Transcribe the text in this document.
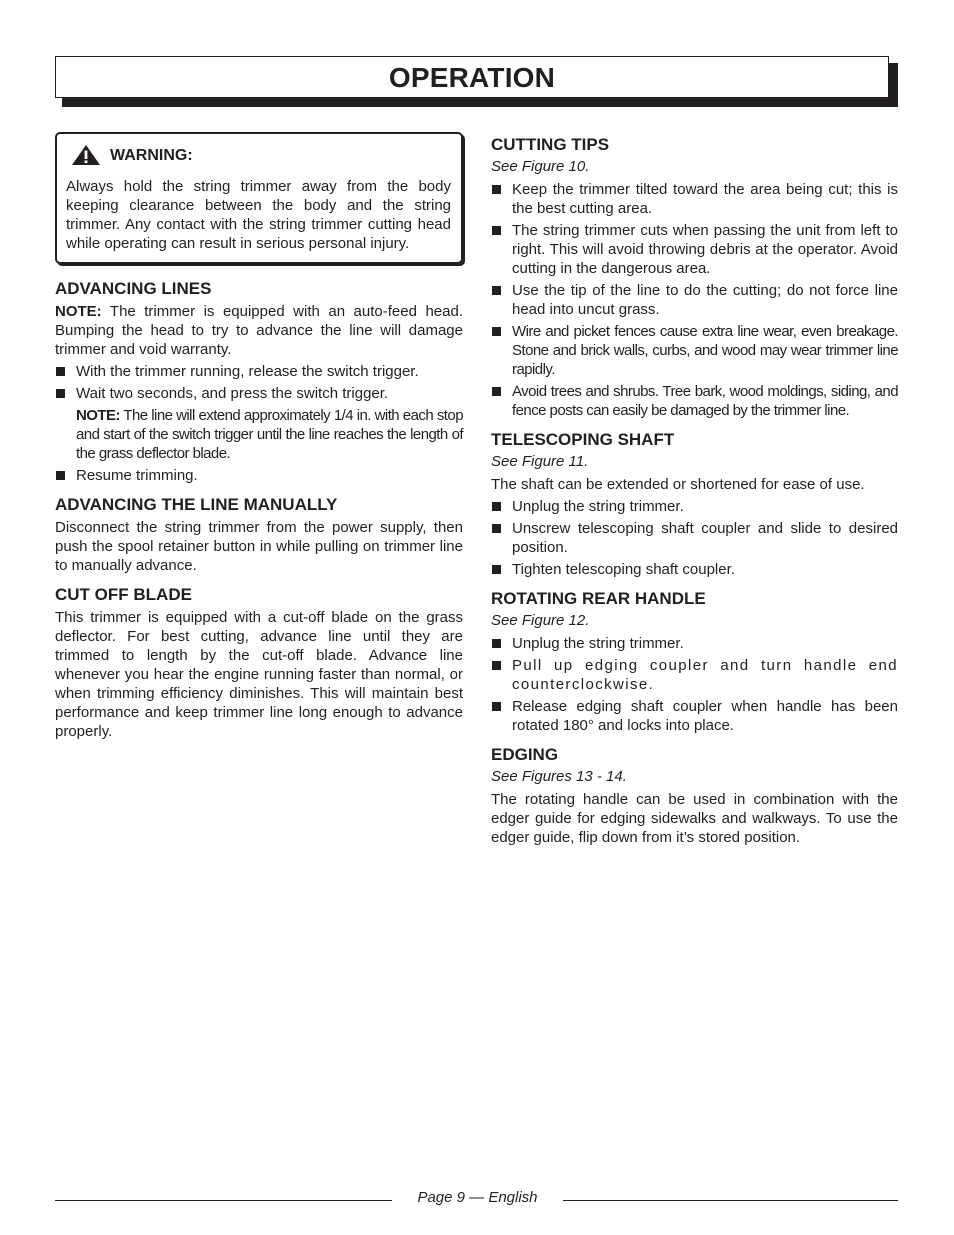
OPERATION
WARNING:

Always hold the string trimmer away from the body keeping clearance between the body and the string trimmer. Any contact with the string trimmer cutting head while operating can result in serious personal injury.

ADVANCING LINES

NOTE: The trimmer is equipped with an auto-feed head. Bumping the head to try to advance the line will damage trimmer and void warranty.

With the trimmer running, release the switch trigger.
Wait two seconds, and press the switch trigger.

NOTE: The line will extend approximately 1/4 in. with each stop and start of the switch trigger until the line reaches the length of the grass deflector blade.

Resume trimming.
ADVANCING THE LINE MANUALLY

Disconnect the string trimmer from the power supply, then push the spool retainer button in while pulling on trimmer line to manually advance.

CUT OFF BLADE

This trimmer is equipped with a cut-off blade on the grass deflector. For best cutting, advance line until they are trimmed to length by the cut-off blade. Advance line whenever you hear the engine running faster than normal, or when trimming efficiency diminishes. This will maintain best performance and keep trimmer line long enough to advance properly.

CUTTING TIPS

See Figure 10.

Keep the trimmer tilted toward the area being cut; this is the best cutting area.
The string trimmer cuts when passing the unit from left to right. This will avoid throwing debris at the operator. Avoid cutting in the dangerous area.
Use the tip of the line to do the cutting; do not force line head into uncut grass.
Wire and picket fences cause extra line wear, even breakage. Stone and brick walls, curbs, and wood may wear trimmer line rapidly.
Avoid trees and shrubs. Tree bark, wood moldings, siding, and fence posts can easily be damaged by the trimmer line.
TELESCOPING SHAFT

See Figure 11.

The shaft can be extended or shortened for ease of use.

Unplug the string trimmer.
Unscrew telescoping shaft coupler and slide to desired position.
Tighten telescoping shaft coupler.
ROTATING REAR HANDLE

See Figure 12.

Unplug the string trimmer.
Pull up edging coupler and turn handle end counterclockwise.
Release edging shaft coupler when handle has been rotated 180° and locks into place.
EDGING

See Figures 13 - 14.

The rotating handle can be used in combination with the edger guide for edging sidewalks and walkways. To use the edger guide, flip down from it’s stored position.

Page 9 — English
